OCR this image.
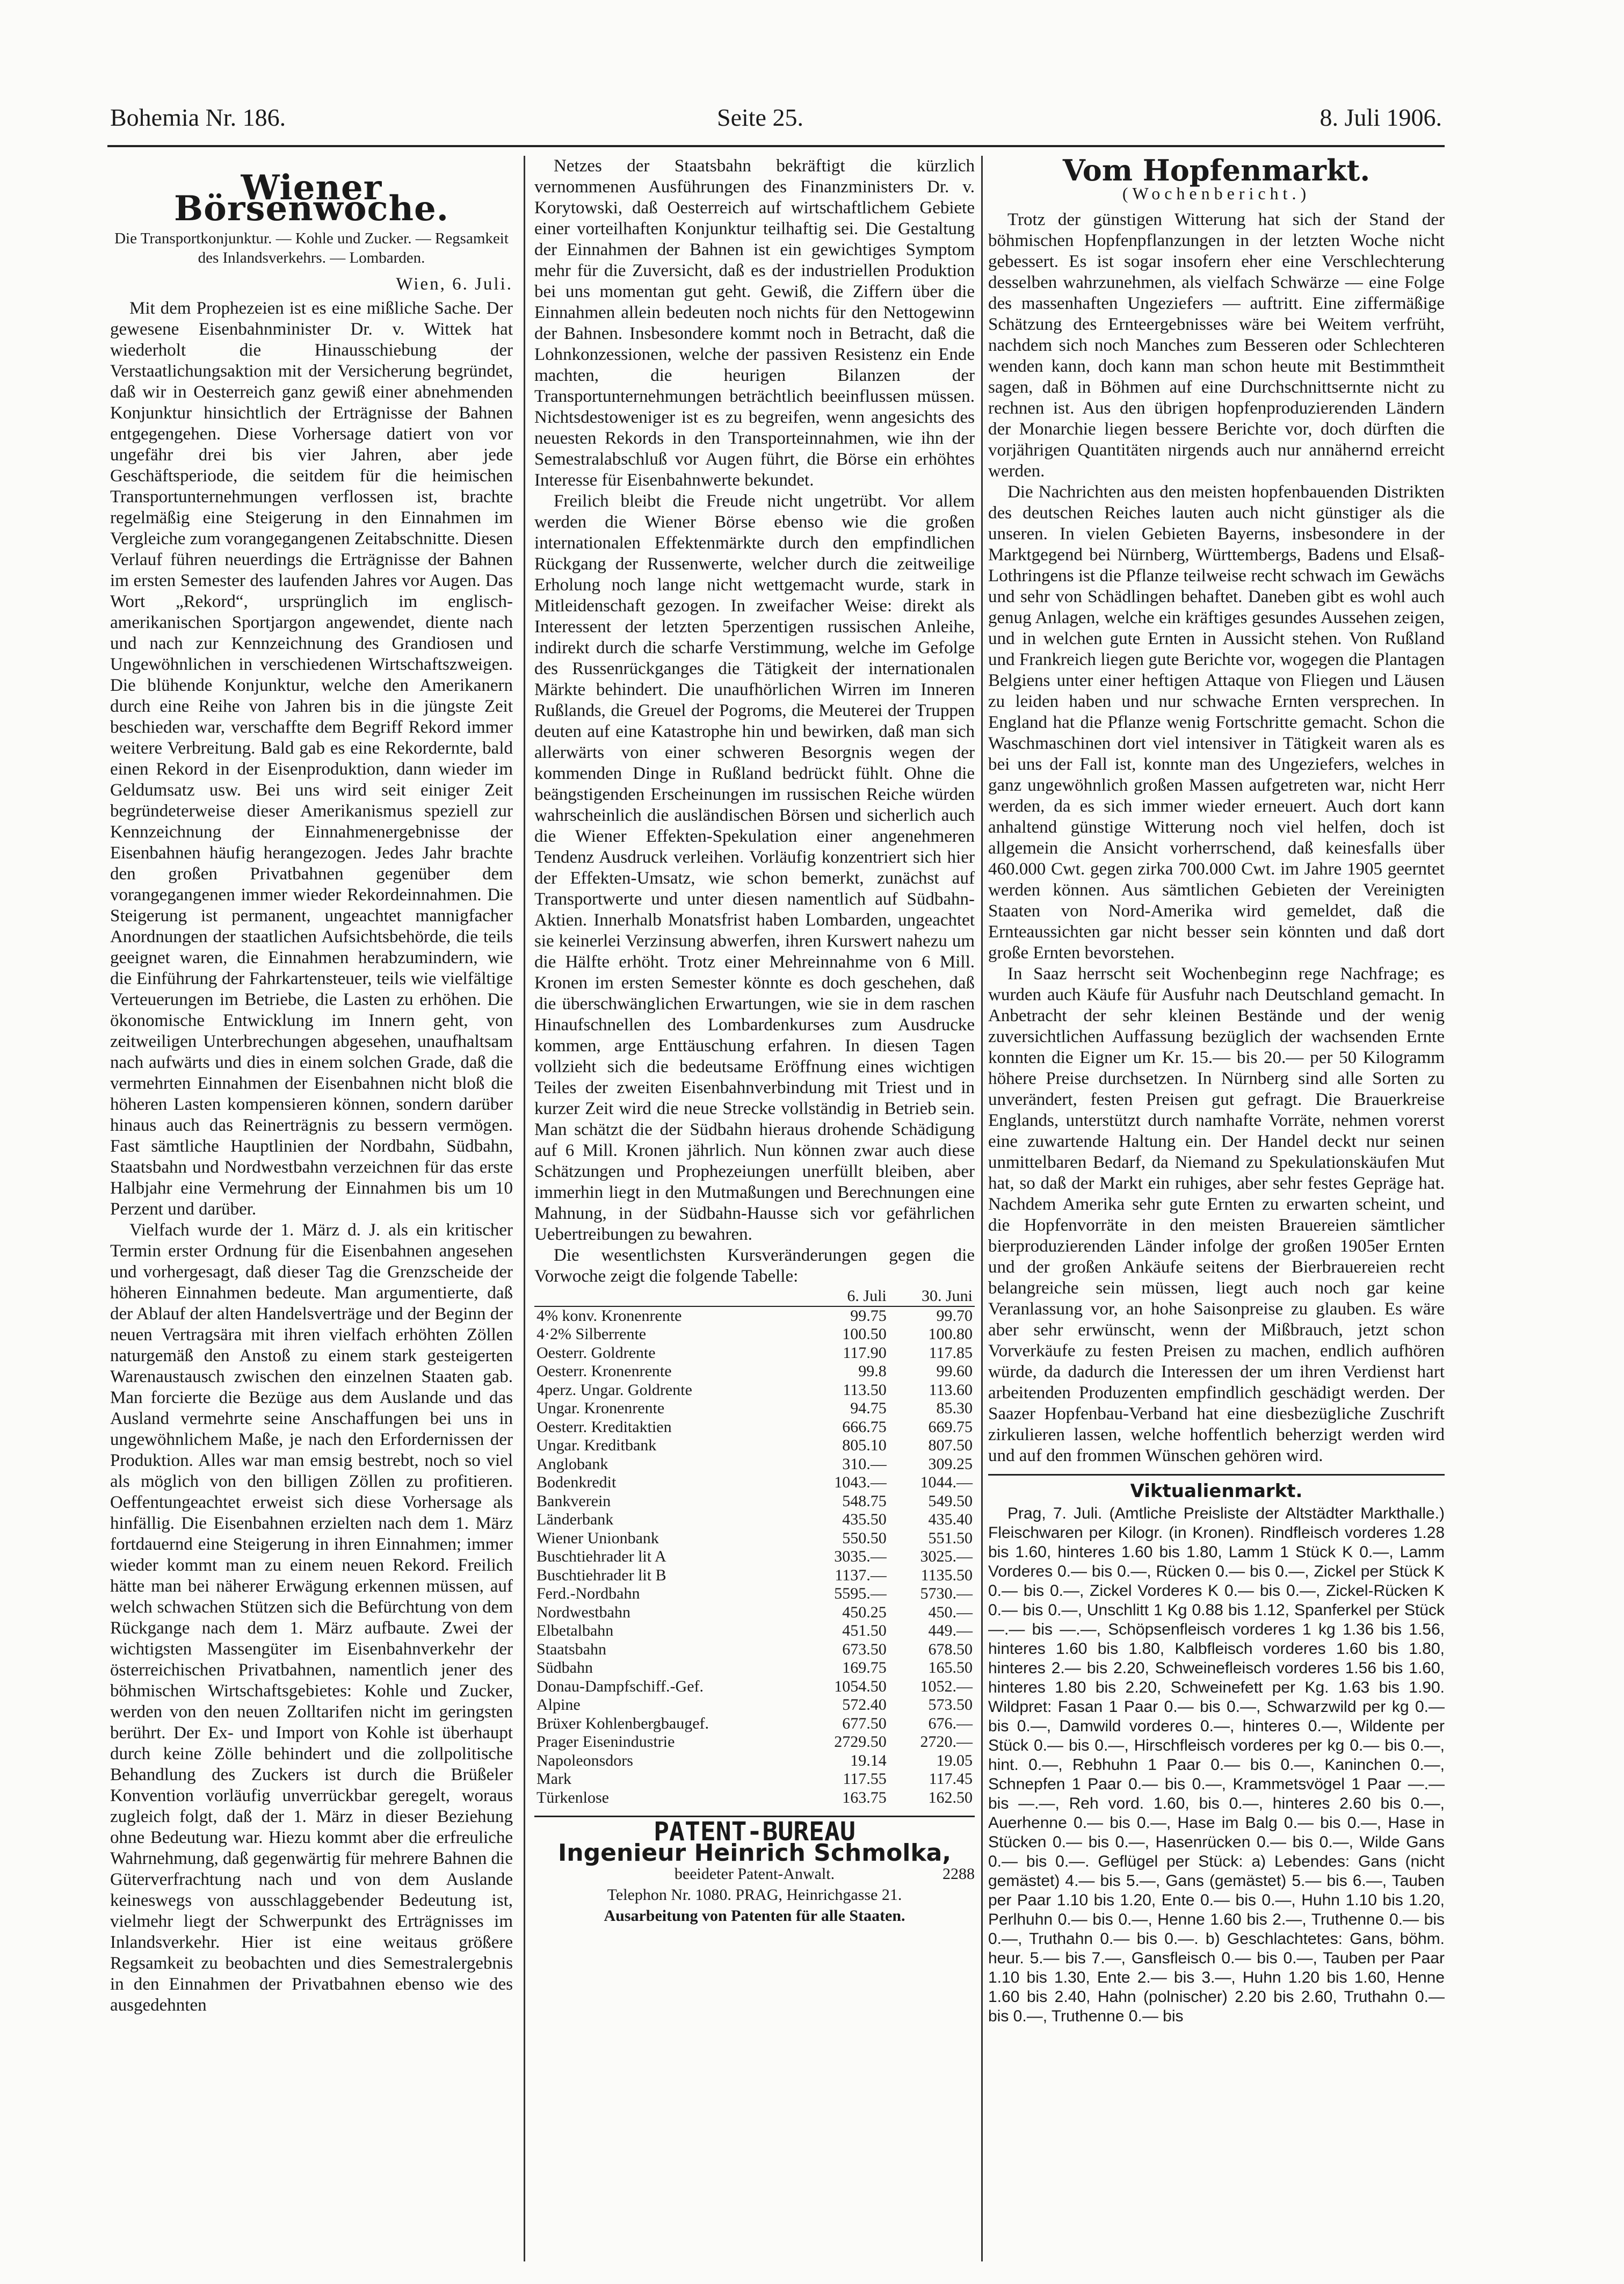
Bohemia Nr. 186.	Seite 25.	8. Juli 1906.
Wiener Börsenwoche.
Die Transportkonjunktur. — Kohle und Zucker. — Regsamkeit des Inlandsverkehrs. — Lombarden.
Wien, 6. Juli.

Mit dem Prophezeien ist es eine mißliche Sache. Der gewesene Eisenbahnminister Dr. v. Wittek hat wiederholt die Hinausschiebung der Verstaatlichungsaktion mit der Versicherung begründet, daß wir in Oesterreich ganz gewiß einer abnehmenden Konjunktur hinsichtlich der Erträgnisse der Bahnen entgegengehen. Diese Vorhersage datiert von vor ungefähr drei bis vier Jahren, aber jede Geschäftsperiode, die seitdem für die heimischen Transportunternehmungen verflossen ist, brachte regelmäßig eine Steigerung in den Einnahmen im Vergleiche zum vorangegangenen Zeitabschnitte. Diesen Verlauf führen neuerdings die Erträgnisse der Bahnen im ersten Semester des laufenden Jahres vor Augen. Das Wort „Rekord“, ursprünglich im englisch-amerikanischen Sportjargon angewendet, diente nach und nach zur Kennzeichnung des Grandiosen und Ungewöhnlichen in verschiedenen Wirtschaftszweigen. Die blühende Konjunktur, welche den Amerikanern durch eine Reihe von Jahren bis in die jüngste Zeit beschieden war, verschaffte dem Begriff Rekord immer weitere Verbreitung. Bald gab es eine Rekordernte, bald einen Rekord in der Eisenproduktion, dann wieder im Geldumsatz usw. Bei uns wird seit einiger Zeit begründeterweise dieser Amerikanismus speziell zur Kennzeichnung der Einnahmenergebnisse der Eisenbahnen häufig herangezogen. Jedes Jahr brachte den großen Privatbahnen gegenüber dem vorangegangenen immer wieder Rekordeinnahmen. Die Steigerung ist permanent, ungeachtet mannigfacher Anordnungen der staatlichen Aufsichtsbehörde, die teils geeignet waren, die Einnahmen herabzumindern, wie die Einführung der Fahrkartensteuer, teils wie vielfältige Verteuerungen im Betriebe, die Lasten zu erhöhen. Die ökonomische Entwicklung im Innern geht, von zeitweiligen Unterbrechungen abgesehen, unaufhaltsam nach aufwärts und dies in einem solchen Grade, daß die vermehrten Einnahmen der Eisenbahnen nicht bloß die höheren Lasten kompensieren können, sondern darüber hinaus auch das Reinerträgnis zu bessern vermögen. Fast sämtliche Hauptlinien der Nordbahn, Südbahn, Staatsbahn und Nordwestbahn verzeichnen für das erste Halbjahr eine Vermehrung der Einnahmen bis um 10 Perzent und darüber.

Vielfach wurde der 1. März d. J. als ein kritischer Termin erster Ordnung für die Eisenbahnen angesehen und vorhergesagt, daß dieser Tag die Grenzscheide der höheren Einnahmen bedeute. Man argumentierte, daß der Ablauf der alten Handelsverträge und der Beginn der neuen Vertragsära mit ihren vielfach erhöhten Zöllen naturgemäß den Anstoß zu einem stark gesteigerten Warenaustausch zwischen den einzelnen Staaten gab. Man forcierte die Bezüge aus dem Auslande und das Ausland vermehrte seine Anschaffungen bei uns in ungewöhnlichem Maße, je nach den Erfordernissen der Produktion. Alles war man emsig bestrebt, noch so viel als möglich von den billigen Zöllen zu profitieren. Oeffentungeachtet erweist sich diese Vorhersage als hinfällig. Die Eisenbahnen erzielten nach dem 1. März fortdauernd eine Steigerung in ihren Einnahmen; immer wieder kommt man zu einem neuen Rekord. Freilich hätte man bei näherer Erwägung erkennen müssen, auf welch schwachen Stützen sich die Befürchtung von dem Rückgange nach dem 1. März aufbaute. Zwei der wichtigsten Massengüter im Eisenbahnverkehr der österreichischen Privatbahnen, namentlich jener des böhmischen Wirtschaftsgebietes: Kohle und Zucker, werden von den neuen Zolltarifen nicht im geringsten berührt. Der Ex- und Import von Kohle ist überhaupt durch keine Zölle behindert und die zollpolitische Behandlung des Zuckers ist durch die Brüßeler Konvention vorläufig unverrückbar geregelt, woraus zugleich folgt, daß der 1. März in dieser Beziehung ohne Bedeutung war. Hiezu kommt aber die erfreuliche Wahrnehmung, daß gegenwärtig für mehrere Bahnen die Güterverfrachtung nach und von dem Auslande keineswegs von ausschlaggebender Bedeutung ist, vielmehr liegt der Schwerpunkt des Erträgnisses im Inlandsverkehr. Hier ist eine weitaus größere Regsamkeit zu beobachten und dies Semestralergebnis in den Einnahmen der Privatbahnen ebenso wie des ausgedehnten

Netzes der Staatsbahn bekräftigt die kürzlich vernommenen Ausführungen des Finanzministers Dr. v. Korytowski, daß Oesterreich auf wirtschaftlichem Gebiete einer vorteilhaften Konjunktur teilhaftig sei. Die Gestaltung der Einnahmen der Bahnen ist ein gewichtiges Symptom mehr für die Zuversicht, daß es der industriellen Produktion bei uns momentan gut geht. Gewiß, die Ziffern über die Einnahmen allein bedeuten noch nichts für den Nettogewinn der Bahnen. Insbesondere kommt noch in Betracht, daß die Lohnkonzessionen, welche der passiven Resistenz ein Ende machten, die heurigen Bilanzen der Transportunternehmungen beträchtlich beeinflussen müssen. Nichtsdestoweniger ist es zu begreifen, wenn angesichts des neuesten Rekords in den Transporteinnahmen, wie ihn der Semestralabschluß vor Augen führt, die Börse ein erhöhtes Interesse für Eisenbahnwerte bekundet.

Freilich bleibt die Freude nicht ungetrübt. Vor allem werden die Wiener Börse ebenso wie die großen internationalen Effektenmärkte durch den empfindlichen Rückgang der Russenwerte, welcher durch die zeitweilige Erholung noch lange nicht wettgemacht wurde, stark in Mitleidenschaft gezogen. In zweifacher Weise: direkt als Interessent der letzten 5perzentigen russischen Anleihe, indirekt durch die scharfe Verstimmung, welche im Gefolge des Russenrückganges die Tätigkeit der internationalen Märkte behindert. Die unaufhörlichen Wirren im Inneren Rußlands, die Greuel der Pogroms, die Meuterei der Truppen deuten auf eine Katastrophe hin und bewirken, daß man sich allerwärts von einer schweren Besorgnis wegen der kommenden Dinge in Rußland bedrückt fühlt. Ohne die beängstigenden Erscheinungen im russischen Reiche würden wahrscheinlich die ausländischen Börsen und sicherlich auch die Wiener Effekten-Spekulation einer angenehmeren Tendenz Ausdruck verleihen. Vorläufig konzentriert sich hier der Effekten-Umsatz, wie schon bemerkt, zunächst auf Transportwerte und unter diesen namentlich auf Südbahn-Aktien. Innerhalb Monatsfrist haben Lombarden, ungeachtet sie keinerlei Verzinsung abwerfen, ihren Kurswert nahezu um die Hälfte erhöht. Trotz einer Mehreinnahme von 6 Mill. Kronen im ersten Semester könnte es doch geschehen, daß die überschwänglichen Erwartungen, wie sie in dem raschen Hinaufschnellen des Lombardenkurses zum Ausdrucke kommen, arge Enttäuschung erfahren. In diesen Tagen vollzieht sich die bedeutsame Eröffnung eines wichtigen Teiles der zweiten Eisenbahnverbindung mit Triest und in kurzer Zeit wird die neue Strecke vollständig in Betrieb sein. Man schätzt die der Südbahn hieraus drohende Schädigung auf 6 Mill. Kronen jährlich. Nun können zwar auch diese Schätzungen und Prophezeiungen unerfüllt bleiben, aber immerhin liegt in den Mutmaßungen und Berechnungen eine Mahnung, in der Südbahn-Hausse sich vor gefährlichen Uebertreibungen zu bewahren.

Die wesentlichsten Kursveränderungen gegen die Vorwoche zeigt die folgende Tabelle:

	6. Juli	30. Juni
4% konv. Kronenrente	99.75	99.70
4·2% Silberrente	100.50	100.80
Oesterr. Goldrente	117.90	117.85
Oesterr. Kronenrente	99.8	99.60
4perz. Ungar. Goldrente	113.50	113.60
Ungar. Kronenrente	94.75	85.30
Oesterr. Kreditaktien	666.75	669.75
Ungar. Kreditbank	805.10	807.50
Anglobank	310.—	309.25
Bodenkredit	1043.—	1044.—
Bankverein	548.75	549.50
Länderbank	435.50	435.40
Wiener Unionbank	550.50	551.50
Buschtiehrader lit A	3035.—	3025.—
Buschtiehrader lit B	1137.—	1135.50
Ferd.-Nordbahn	5595.—	5730.—
Nordwestbahn	450.25	450.—
Elbetalbahn	451.50	449.—
Staatsbahn	673.50	678.50
Südbahn	169.75	165.50
Donau-Dampfschiff.-Gef.	1054.50	1052.—
Alpine	572.40	573.50
Brüxer Kohlenbergbaugef.	677.50	676.—
Prager Eisenindustrie	2729.50	2720.—
Napoleonsdors	19.14	19.05
Mark	117.55	117.45
Türkenlose	163.75	162.50
PATENT-BUREAU
Ingenieur Heinrich Schmolka,
beeideter Patent-Anwalt.	2288
Telephon Nr. 1080. PRAG, Heinrichgasse 21.
Ausarbeitung von Patenten für alle Staaten.
Vom Hopfenmarkt.
(Wochenbericht.)

Trotz der günstigen Witterung hat sich der Stand der böhmischen Hopfenpflanzungen in der letzten Woche nicht gebessert. Es ist sogar insofern eher eine Verschlechterung desselben wahrzunehmen, als vielfach Schwärze — eine Folge des massenhaften Ungeziefers — auftritt. Eine ziffermäßige Schätzung des Ernteergebnisses wäre bei Weitem verfrüht, nachdem sich noch Manches zum Besseren oder Schlechteren wenden kann, doch kann man schon heute mit Bestimmtheit sagen, daß in Böhmen auf eine Durchschnittsernte nicht zu rechnen ist. Aus den übrigen hopfenproduzierenden Ländern der Monarchie liegen bessere Berichte vor, doch dürften die vorjährigen Quantitäten nirgends auch nur annähernd erreicht werden.

Die Nachrichten aus den meisten hopfenbauenden Distrikten des deutschen Reiches lauten auch nicht günstiger als die unseren. In vielen Gebieten Bayerns, insbesondere in der Marktgegend bei Nürnberg, Württembergs, Badens und Elsaß-Lothringens ist die Pflanze teilweise recht schwach im Gewächs und sehr von Schädlingen behaftet. Daneben gibt es wohl auch genug Anlagen, welche ein kräftiges gesundes Aussehen zeigen, und in welchen gute Ernten in Aussicht stehen. Von Rußland und Frankreich liegen gute Berichte vor, wogegen die Plantagen Belgiens unter einer heftigen Attaque von Fliegen und Läusen zu leiden haben und nur schwache Ernten versprechen. In England hat die Pflanze wenig Fortschritte gemacht. Schon die Waschmaschinen dort viel intensiver in Tätigkeit waren als es bei uns der Fall ist, konnte man des Ungeziefers, welches in ganz ungewöhnlich großen Massen aufgetreten war, nicht Herr werden, da es sich immer wieder erneuert. Auch dort kann anhaltend günstige Witterung noch viel helfen, doch ist allgemein die Ansicht vorherrschend, daß keinesfalls über 460.000 Cwt. gegen zirka 700.000 Cwt. im Jahre 1905 geerntet werden können. Aus sämtlichen Gebieten der Vereinigten Staaten von Nord-Amerika wird gemeldet, daß die Ernteaussichten gar nicht besser sein könnten und daß dort große Ernten bevorstehen.

In Saaz herrscht seit Wochenbeginn rege Nachfrage; es wurden auch Käufe für Ausfuhr nach Deutschland gemacht. In Anbetracht der sehr kleinen Bestände und der wenig zuversichtlichen Auffassung bezüglich der wachsenden Ernte konnten die Eigner um Kr. 15.— bis 20.— per 50 Kilogramm höhere Preise durchsetzen. In Nürnberg sind alle Sorten zu unverändert, festen Preisen gut gefragt. Die Brauerkreise Englands, unterstützt durch namhafte Vorräte, nehmen vorerst eine zuwartende Haltung ein. Der Handel deckt nur seinen unmittelbaren Bedarf, da Niemand zu Spekulationskäufen Mut hat, so daß der Markt ein ruhiges, aber sehr festes Gepräge hat. Nachdem Amerika sehr gute Ernten zu erwarten scheint, und die Hopfenvorräte in den meisten Brauereien sämtlicher bierproduzierenden Länder infolge der großen 1905er Ernten und der großen Ankäufe seitens der Bierbrauereien recht belangreiche sein müssen, liegt auch noch gar keine Veranlassung vor, an hohe Saisonpreise zu glauben. Es wäre aber sehr erwünscht, wenn der Mißbrauch, jetzt schon Vorverkäufe zu festen Preisen zu machen, endlich aufhören würde, da dadurch die Interessen der um ihren Verdienst hart arbeitenden Produzenten empfindlich geschädigt werden. Der Saazer Hopfenbau-Verband hat eine diesbezügliche Zuschrift zirkulieren lassen, welche hoffentlich beherzigt werden wird und auf den frommen Wünschen gehören wird.

Viktualienmarkt.

Prag, 7. Juli. (Amtliche Preisliste der Altstädter Markthalle.) Fleischwaren per Kilogr. (in Kronen). Rindfleisch vorderes 1.28 bis 1.60, hinteres 1.60 bis 1.80, Lamm 1 Stück K 0.—, Lamm Vorderes 0.— bis 0.—, Rücken 0.— bis 0.—, Zickel per Stück K 0.— bis 0.—, Zickel Vorderes K 0.— bis 0.—, Zickel-Rücken K 0.— bis 0.—, Unschlitt 1 Kg 0.88 bis 1.12, Spanferkel per Stück —.— bis —.—, Schöpsenfleisch vorderes 1 kg 1.36 bis 1.56, hinteres 1.60 bis 1.80, Kalbfleisch vorderes 1.60 bis 1.80, hinteres 2.— bis 2.20, Schweinefleisch vorderes 1.56 bis 1.60, hinteres 1.80 bis 2.20, Schweinefett per Kg. 1.63 bis 1.90. Wildpret: Fasan 1 Paar 0.— bis 0.—, Schwarzwild per kg 0.— bis 0.—, Damwild vorderes 0.—, hinteres 0.—, Wildente per Stück 0.— bis 0.—, Hirschfleisch vorderes per kg 0.— bis 0.—, hint. 0.—, Rebhuhn 1 Paar 0.— bis 0.—, Kaninchen 0.—, Schnepfen 1 Paar 0.— bis 0.—, Krammetsvögel 1 Paar —.— bis —.—, Reh vord. 1.60, bis 0.—, hinteres 2.60 bis 0.—, Auerhenne 0.— bis 0.—, Hase im Balg 0.— bis 0.—, Hase in Stücken 0.— bis 0.—, Hasenrücken 0.— bis 0.—, Wilde Gans 0.— bis 0.—. Geflügel per Stück: a) Lebendes: Gans (nicht gemästet) 4.— bis 5.—, Gans (gemästet) 5.— bis 6.—, Tauben per Paar 1.10 bis 1.20, Ente 0.— bis 0.—, Huhn 1.10 bis 1.20, Perlhuhn 0.— bis 0.—, Henne 1.60 bis 2.—, Truthenne 0.— bis 0.—, Truthahn 0.— bis 0.—. b) Geschlachtetes: Gans, böhm. heur. 5.— bis 7.—, Gansfleisch 0.— bis 0.—, Tauben per Paar 1.10 bis 1.30, Ente 2.— bis 3.—, Huhn 1.20 bis 1.60, Henne 1.60 bis 2.40, Hahn (polnischer) 2.20 bis 2.60, Truthahn 0.— bis 0.—, Truthenne 0.— bis
